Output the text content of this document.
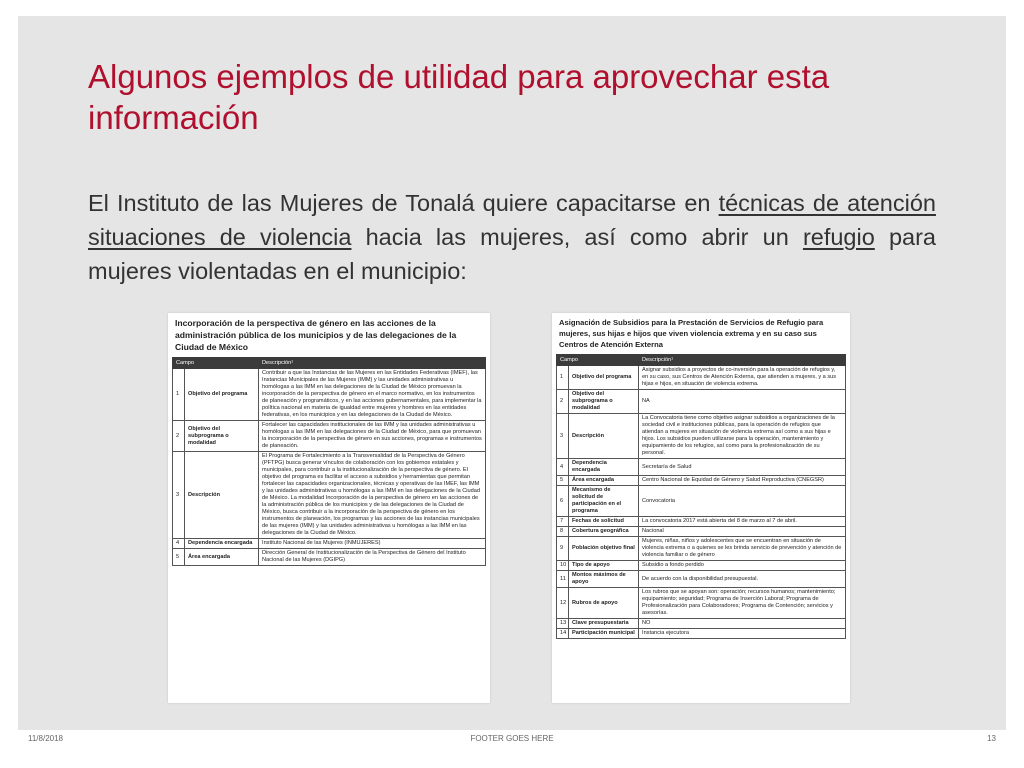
Algunos ejemplos de utilidad para aprovechar esta información

El Instituto de las Mujeres de Tonalá quiere capacitarse en técnicas de atención situaciones de violencia hacia las mujeres, así como abrir un refugio para mujeres violentadas en el municipio:

Incorporación de la perspectiva de género en las acciones de la administración pública de los municipios y de las delegaciones de la Ciudad de México
Campo		Descripción¹
1	Objetivo del programa	Contribuir a que las Instancias de las Mujeres en las Entidades Federativas (IMEF), las Instancias Municipales de las Mujeres (IMM) y las unidades administrativas u homólogas a las IMM en las delegaciones de la Ciudad de México promuevan la incorporación de la perspectiva de género en el marco normativo, en los instrumentos de planeación y programáticos, y en las acciones gubernamentales, para implementar la política nacional en materia de igualdad entre mujeres y hombres en las entidades federativas, en los municipios y en las delegaciones de la Ciudad de México.
2	Objetivo del subprograma o modalidad	Fortalecer las capacidades institucionales de las IMM y las unidades administrativas u homólogas a las IMM en las delegaciones de la Ciudad de México, para que promuevan la incorporación de la perspectiva de género en sus acciones, programas e instrumentos de planeación.
3	Descripción	El Programa de Fortalecimiento a la Transversalidad de la Perspectiva de Género (PFTPG) busca generar vínculos de colaboración con los gobiernos estatales y municipales, para contribuir a la institucionalización de la perspectiva de género. El objetivo del programa es facilitar el acceso a subsidios y herramientas que permitan fortalecer las capacidades organizacionales, técnicas y operativas de las IMEF, las IMM y las unidades administrativas u homólogas a las IMM en las delegaciones de la Ciudad de México. La modalidad Incorporación de la perspectiva de género en las acciones de la administración pública de los municipios y de las delegaciones de la Ciudad de México, busca contribuir a la incorporación de la perspectiva de género en los instrumentos de planeación, los programas y las acciones de las instancias municipales de las mujeres (IMM) y las unidades administrativas u homólogas a las IMM en las delegaciones de la Ciudad de México.
4	Dependencia encargada	Instituto Nacional de las Mujeres (INMUJERES)
5	Área encargada	Dirección General de Institucionalización de la Perspectiva de Género del Instituto Nacional de las Mujeres (DGIPG)
Asignación de Subsidios para la Prestación de Servicios de Refugio para mujeres, sus hijas e hijos que viven violencia extrema y en su caso sus Centros de Atención Externa
Campo		Descripción¹
1	Objetivo del programa	Asignar subsidios a proyectos de co-inversión para la operación de refugios y, en su caso, sus Centros de Atención Externa, que atienden a mujeres, y a sus hijas e hijos, en situación de violencia extrema.
2	Objetivo del subprograma o modalidad	NA
3	Descripción	La Convocatoria tiene como objetivo asignar subsidios a organizaciones de la sociedad civil e instituciones públicas, para la operación de refugios que atiendan a mujeres en situación de violencia extrema así como a sus hijas e hijos. Los subsidios pueden utilizarse para la operación, mantenimiento y equipamiento de los refugios, así como para la profesionalización de su personal.
4	Dependencia encargada	Secretaría de Salud
5	Área encargada	Centro Nacional de Equidad de Género y Salud Reproductiva (CNEGSR)
6	Mecanismo de solicitud de participación en el programa	Convocatoria
7	Fechas de solicitud	La convocatoria 2017 está abierta del 8 de marzo al 7 de abril.
8	Cobertura geográfica	Nacional
9	Población objetivo final	Mujeres, niñas, niños y adolescentes que se encuentran en situación de violencia extrema o a quienes se les brinda servicio de prevención y atención de violencia familiar o de género
10	Tipo de apoyo	Subsidio a fondo perdido
11	Montos máximos de apoyo	De acuerdo con la disponibilidad presupuestal.
12	Rubros de apoyo	Los rubros que se apoyan son: operación; recursos humanos; mantenimiento; equipamiento; seguridad; Programa de Inserción Laboral; Programa de Profesionalización para Colaboradores; Programa de Contención; servicios y asesorías.
13	Clave presupuestaria	NO
14	Participación municipal	Instancia ejecutora
11/8/2018	FOOTER GOES HERE	13
